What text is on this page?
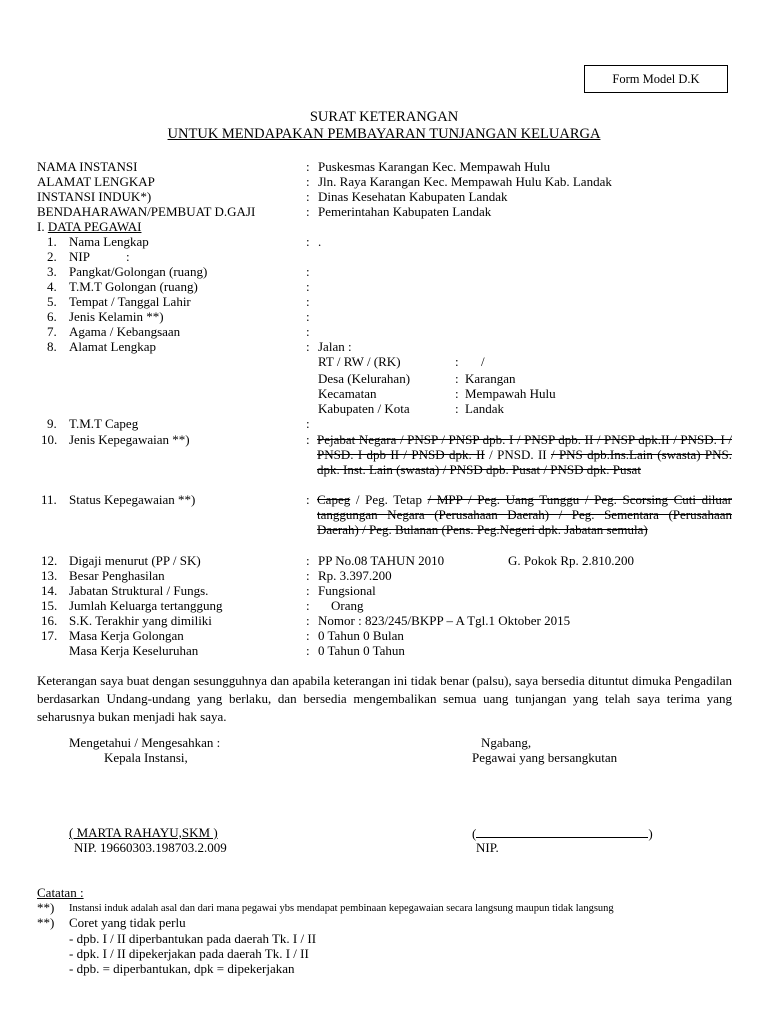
Form Model D.K
SURAT KETERANGAN
UNTUK MENDAPAKAN PEMBAYARAN TUNJANGAN KELUARGA
NAMA INSTANSI	: Puskesmas Karangan Kec. Mempawah Hulu
ALAMAT LENGKAP	: Jln. Raya Karangan Kec. Mempawah Hulu Kab. Landak
INSTANSI INDUK*)	: Dinas Kesehatan Kabupaten Landak
BENDAHARAWAN/PEMBUAT D.GAJI	: Pemerintahan Kabupaten Landak
I. DATA PEGAWAI
1. Nama Lengkap	: .
2. NIP	:
3. Pangkat/Golongan (ruang)	:
4. T.M.T Golongan (ruang)	:
5. Tempat / Tanggal Lahir	:
6. Jenis Kelamin **)	:
7. Agama / Kebangsaan	:
8. Alamat Lengkap	: Jalan :
RT / RW / (RK)	: /
Desa (Kelurahan)	: Karangan
Kecamatan	: Mempawah Hulu
Kabupaten / Kota	: Landak
9. T.M.T Capeg	:
10. Jenis Kepegawaian **)	: Pejabat Negara / PNSP / PNSP dpb. I / PNSP dpb. II / PNSP dpk.II / PNSD. I / PNSD. I dpb II / PNSD dpk. II / PNSD. II / PNS dpb.Ins.Lain (swasta) PNS. dpk. Inst. Lain (swasta) / PNSD dpb. Pusat / PNSD dpk. Pusat
11. Status Kepegawaian **)	: Capeg / Peg. Tetap / MPP / Peg. Uang Tunggu / Peg. Scorsing Cuti diluar tanggungan Negara (Perusahaan Daerah) / Peg. Sementara (Perusahaan Daerah) / Peg. Bulanan (Pens. Peg.Negeri dpk. Jabatan semula)
12. Digaji menurut (PP / SK)	: PP No.08 TAHUN 2010	G. Pokok Rp. 2.810.200
13. Besar Penghasilan	: Rp. 3.397.200
14. Jabatan Struktural / Fungs.	: Fungsional
15. Jumlah Keluarga tertanggung	: Orang
16. S.K. Terakhir yang dimiliki	: Nomor : 823/245/BKPP – A Tgl.1 Oktober 2015
17. Masa Kerja Golongan	: 0 Tahun 0 Bulan
Masa Kerja Keseluruhan	: 0 Tahun 0 Tahun
Keterangan saya buat dengan sesungguhnya dan apabila keterangan ini tidak benar (palsu), saya bersedia dituntut dimuka Pengadilan berdasarkan Undang-undang yang berlaku, dan bersedia mengembalikan semua uang tunjangan yang telah saya terima yang seharusnya bukan menjadi hak saya.
Mengetahui / Mengesahkan :
Kepala Instansi,
Ngabang,
Pegawai yang bersangkutan
( MARTA RAHAYU,SKM )
NIP. 19660303.198703.2.009
(	)
NIP.
Catatan :
**) Instansi induk adalah asal dan dari mana pegawai ybs mendapat pembinaan kepegawaian secara langsung maupun tidak langsung
**) Coret yang tidak perlu
- dpb. I / II diperbantukan pada daerah Tk. I / II
- dpk. I / II dipekerjakan pada daerah Tk. I / II
- dpb. = diperbantukan, dpk = dipekerjakan
